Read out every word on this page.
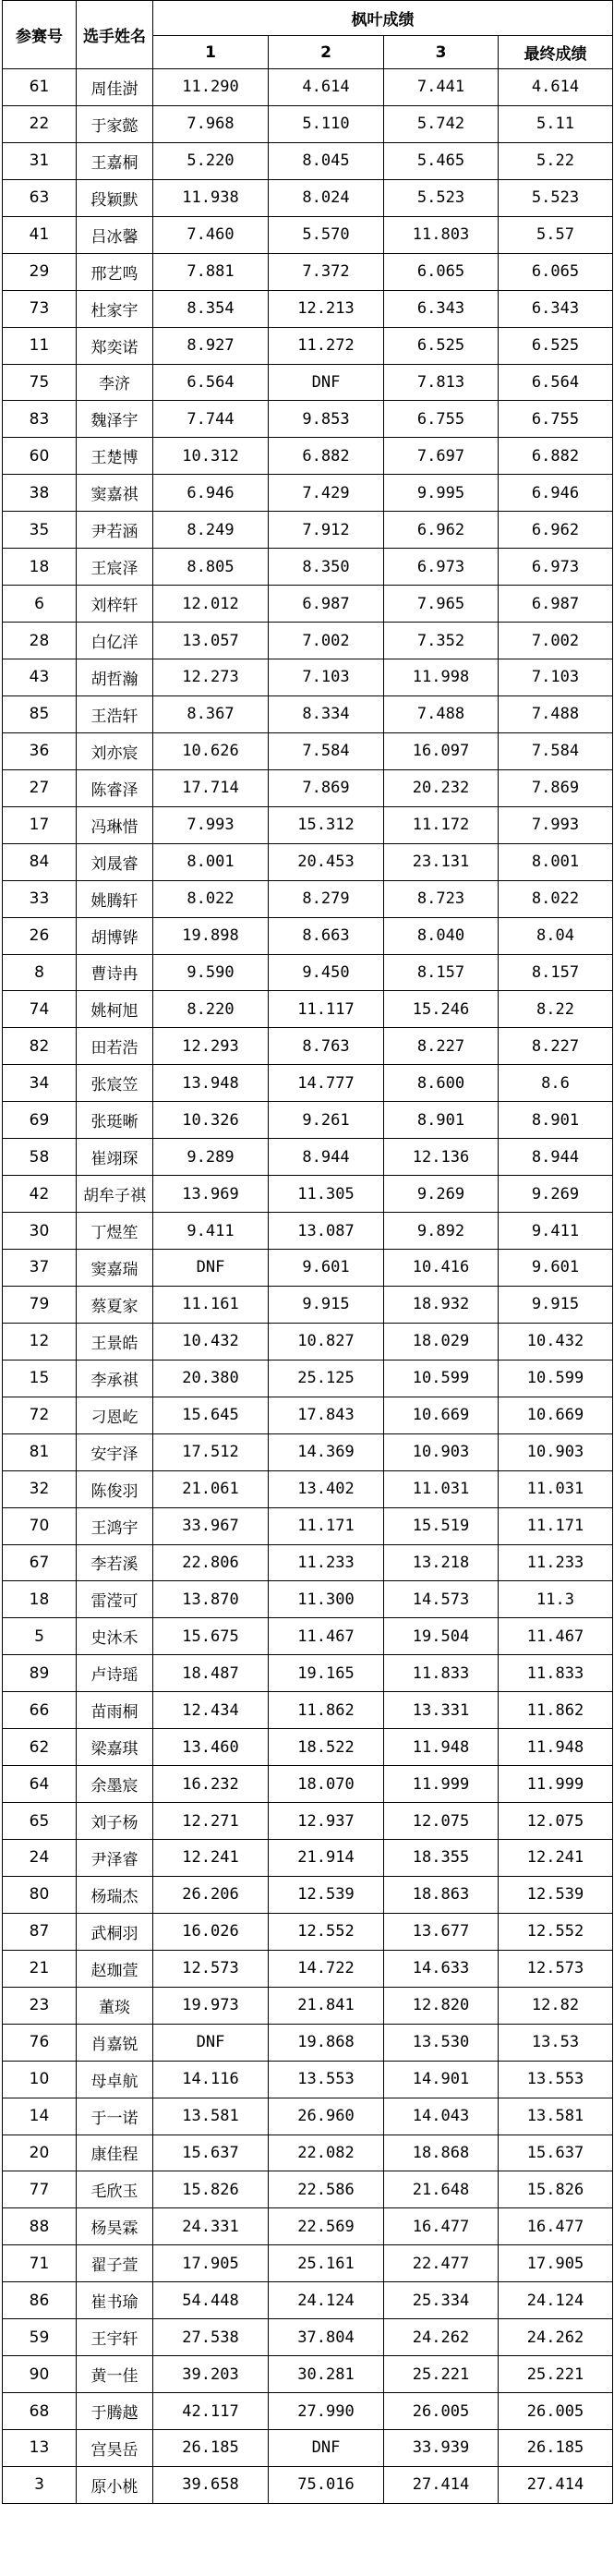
参赛号	选手姓名	枫叶成绩			
		1	2	3	最终成绩
61	周佳澍	11.290	4.614	7.441	4.614
22	于家懿	7.968	5.110	5.742	5.11
31	王嘉桐	5.220	8.045	5.465	5.22
63	段颖默	11.938	8.024	5.523	5.523
41	吕冰馨	7.460	5.570	11.803	5.57
29	邢艺鸣	7.881	7.372	6.065	6.065
73	杜家宇	8.354	12.213	6.343	6.343
11	郑奕诺	8.927	11.272	6.525	6.525
75	李济	6.564	DNF	7.813	6.564
83	魏泽宇	7.744	9.853	6.755	6.755
60	王楚博	10.312	6.882	7.697	6.882
38	窦嘉祺	6.946	7.429	9.995	6.946
35	尹若涵	8.249	7.912	6.962	6.962
18	王宸泽	8.805	8.350	6.973	6.973
6	刘梓轩	12.012	6.987	7.965	6.987
28	白亿洋	13.057	7.002	7.352	7.002
43	胡哲瀚	12.273	7.103	11.998	7.103
85	王浩轩	8.367	8.334	7.488	7.488
36	刘亦宸	10.626	7.584	16.097	7.584
27	陈睿泽	17.714	7.869	20.232	7.869
17	冯琳惜	7.993	15.312	11.172	7.993
84	刘晟睿	8.001	20.453	23.131	8.001
33	姚腾轩	8.022	8.279	8.723	8.022
26	胡博铧	19.898	8.663	8.040	8.04
8	曹诗冉	9.590	9.450	8.157	8.157
74	姚柯旭	8.220	11.117	15.246	8.22
82	田若浩	12.293	8.763	8.227	8.227
34	张宸笠	13.948	14.777	8.600	8.6
69	张珽晰	10.326	9.261	8.901	8.901
58	崔翊琛	9.289	8.944	12.136	8.944
42	胡牟子祺	13.969	11.305	9.269	9.269
30	丁煜笙	9.411	13.087	9.892	9.411
37	窦嘉瑞	DNF	9.601	10.416	9.601
79	蔡夏家	11.161	9.915	18.932	9.915
12	王景皓	10.432	10.827	18.029	10.432
15	李承祺	20.380	25.125	10.599	10.599
72	刁恩屹	15.645	17.843	10.669	10.669
81	安宇泽	17.512	14.369	10.903	10.903
32	陈俊羽	21.061	13.402	11.031	11.031
70	王鸿宇	33.967	11.171	15.519	11.171
67	李若溪	22.806	11.233	13.218	11.233
18	雷滢可	13.870	11.300	14.573	11.3
5	史沐禾	15.675	11.467	19.504	11.467
89	卢诗瑶	18.487	19.165	11.833	11.833
66	苗雨桐	12.434	11.862	13.331	11.862
62	梁嘉琪	13.460	18.522	11.948	11.948
64	余墨宸	16.232	18.070	11.999	11.999
65	刘子杨	12.271	12.937	12.075	12.075
24	尹泽睿	12.241	21.914	18.355	12.241
80	杨瑞杰	26.206	12.539	18.863	12.539
87	武桐羽	16.026	12.552	13.677	12.552
21	赵珈萱	12.573	14.722	14.633	12.573
23	董琰	19.973	21.841	12.820	12.82
76	肖嘉锐	DNF	19.868	13.530	13.53
10	母卓航	14.116	13.553	14.901	13.553
14	于一诺	13.581	26.960	14.043	13.581
20	康佳程	15.637	22.082	18.868	15.637
77	毛欣玉	15.826	22.586	21.648	15.826
88	杨昊霖	24.331	22.569	16.477	16.477
71	翟子萱	17.905	25.161	22.477	17.905
86	崔书瑜	54.448	24.124	25.334	24.124
59	王宇轩	27.538	37.804	24.262	24.262
90	黄一佳	39.203	30.281	25.221	25.221
68	于腾越	42.117	27.990	26.005	26.005
13	宫昊岳	26.185	DNF	33.939	26.185
3	原小桃	39.658	75.016	27.414	27.414
